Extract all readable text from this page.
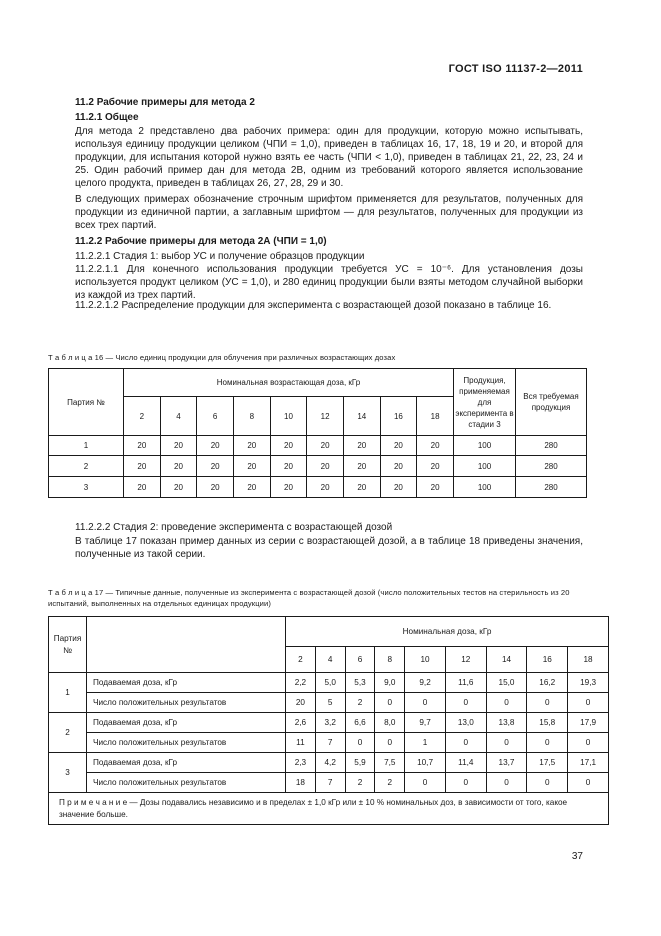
ГОСТ ISO 11137-2—2011
11.2 Рабочие примеры для метода 2
11.2.1 Общее
Для метода 2 представлено два рабочих примера: один для продукции, которую можно испытывать, используя единицу продукции целиком (ЧПИ = 1,0), приведен в таблицах 16, 17, 18, 19 и 20, и второй для продукции, для испытания которой нужно взять ее часть (ЧПИ < 1,0), приведен в таблицах 21, 22, 23, 24 и 25. Один рабочий пример дан для метода 2В, одним из требований которого является использование целого продукта, приведен в таблицах 26, 27, 28, 29 и 30.
В следующих примерах обозначение строчным шрифтом применяется для результатов, полученных для продукции из единичной партии, а заглавным шрифтом — для результатов, полученных для продукции из всех трех партий.
11.2.2 Рабочие примеры для метода 2А (ЧПИ = 1,0)
11.2.2.1 Стадия 1: выбор УС и получение образцов продукции
11.2.2.1.1 Для конечного использования продукции требуется УС = 10⁻⁶. Для установления дозы используется продукт целиком (УС = 1,0), и 280 единиц продукции были взяты методом случайной выборки из каждой из трех партий.
11.2.2.1.2 Распределение продукции для эксперимента с возрастающей дозой показано в таблице 16.
Т а б л и ц а 16 — Число единиц продукции для облучения при различных возрастающих дозах
Партия №	Номинальная возрастающая доза, кГр									Продукция, применяемая для эксперимента в стадии 3	Вся требуемая продукция
	2	4	6	8	10	12	14	16	18		
1	20	20	20	20	20	20	20	20	20	100	280
2	20	20	20	20	20	20	20	20	20	100	280
3	20	20	20	20	20	20	20	20	20	100	280
11.2.2.2 Стадия 2: проведение эксперимента с возрастающей дозой
В таблице 17 показан пример данных из серии с возрастающей дозой, а в таблице 18 приведены значения, полученные из такой серии.
Т а б л и ц а 17 — Типичные данные, полученные из эксперимента с возрастающей дозой (число положительных тестов на стерильность из 20 испытаний, выполненных на отдельных единицах продукции)
Партия №		Номинальная доза, кГр								
		2	4	6	8	10	12	14	16	18
1	Подаваемая доза, кГр	2,2	5,0	5,3	9,0	9,2	11,6	15,0	16,2	19,3
	Число положительных результатов	20	5	2	0	0	0	0	0	0
2	Подаваемая доза, кГр	2,6	3,2	6,6	8,0	9,7	13,0	13,8	15,8	17,9
	Число положительных результатов	11	7	0	0	1	0	0	0	0
3	Подаваемая доза, кГр	2,3	4,2	5,9	7,5	10,7	11,4	13,7	17,5	17,1
	Число положительных результатов	18	7	2	2	0	0	0	0	0
П р и м е ч а н и е — Дозы подавались независимо и в пределах ± 1,0 кГр или ± 10 % номинальных доз, в зависимости от того, какое значение больше.										
37
